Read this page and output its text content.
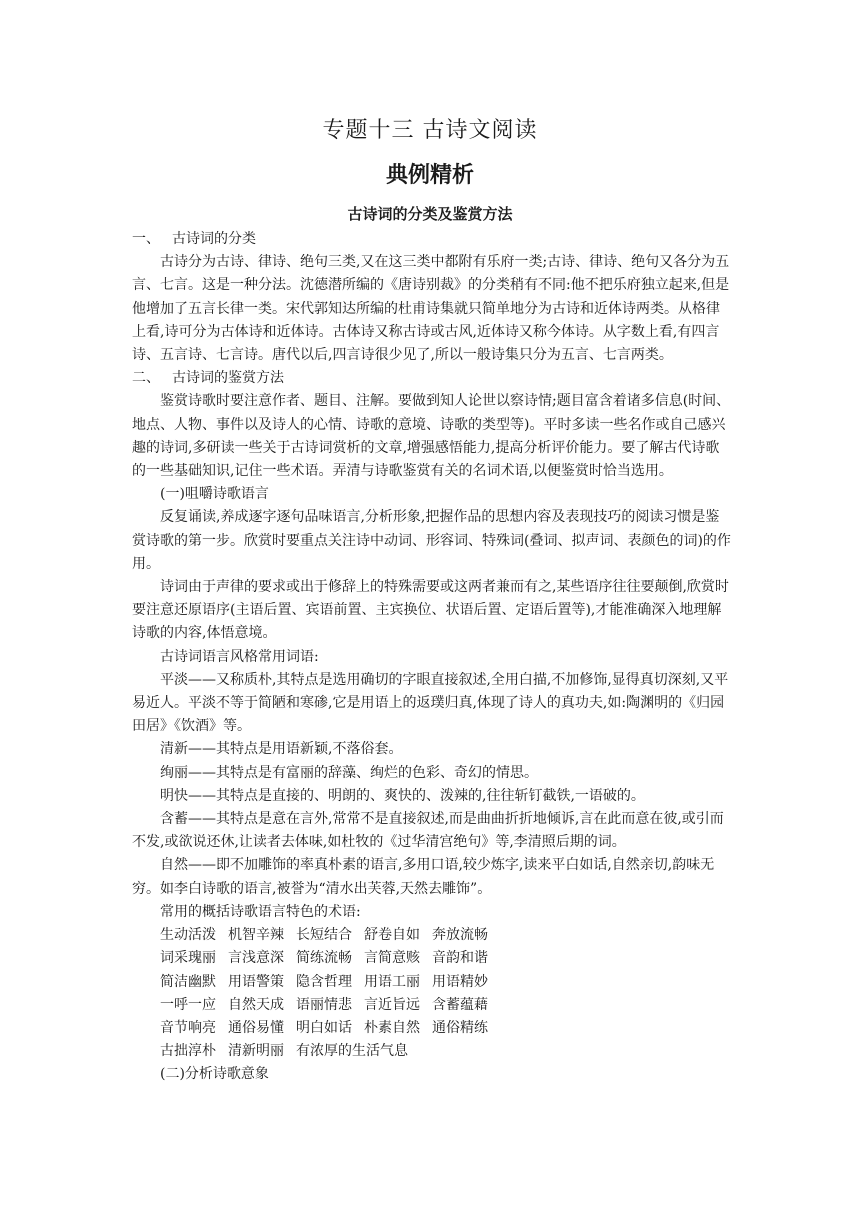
专题十三 古诗文阅读
典例精析
古诗词的分类及鉴赏方法

一、 古诗词的分类

古诗分为古诗、律诗、绝句三类,又在这三类中都附有乐府一类;古诗、律诗、绝句又各分为五言、七言。这是一种分法。沈德潜所编的《唐诗别裁》的分类稍有不同:他不把乐府独立起来,但是他增加了五言长律一类。宋代郭知达所编的杜甫诗集就只简单地分为古诗和近体诗两类。从格律上看,诗可分为古体诗和近体诗。古体诗又称古诗或古风,近体诗又称今体诗。从字数上看,有四言诗、五言诗、七言诗。唐代以后,四言诗很少见了,所以一般诗集只分为五言、七言两类。

二、 古诗词的鉴赏方法

鉴赏诗歌时要注意作者、题目、注解。要做到知人论世以察诗情;题目富含着诸多信息(时间、地点、人物、事件以及诗人的心情、诗歌的意境、诗歌的类型等)。平时多读一些名作或自己感兴趣的诗词,多研读一些关于古诗词赏析的文章,增强感悟能力,提高分析评价能力。要了解古代诗歌的一些基础知识,记住一些术语。弄清与诗歌鉴赏有关的名词术语,以便鉴赏时恰当选用。

(一)咀嚼诗歌语言

反复诵读,养成逐字逐句品味语言,分析形象,把握作品的思想内容及表现技巧的阅读习惯是鉴赏诗歌的第一步。欣赏时要重点关注诗中动词、形容词、特殊词(叠词、拟声词、表颜色的词)的作用。

诗词由于声律的要求或出于修辞上的特殊需要或这两者兼而有之,某些语序往往要颠倒,欣赏时要注意还原语序(主语后置、宾语前置、主宾换位、状语后置、定语后置等),才能准确深入地理解诗歌的内容,体悟意境。

古诗词语言风格常用词语:

平淡——又称质朴,其特点是选用确切的字眼直接叙述,全用白描,不加修饰,显得真切深刻,又平易近人。平淡不等于简陋和寒碜,它是用语上的返璞归真,体现了诗人的真功夫,如:陶渊明的《归园田居》《饮酒》等。

清新——其特点是用语新颖,不落俗套。

绚丽——其特点是有富丽的辞藻、绚烂的色彩、奇幻的情思。

明快——其特点是直接的、明朗的、爽快的、泼辣的,往往斩钉截铁,一语破的。

含蓄——其特点是意在言外,常常不是直接叙述,而是曲曲折折地倾诉,言在此而意在彼,或引而不发,或欲说还休,让读者去体味,如杜牧的《过华清宫绝句》等,李清照后期的词。

自然——即不加雕饰的率真朴素的语言,多用口语,较少炼字,读来平白如话,自然亲切,韵味无穷。如李白诗歌的语言,被誉为“清水出芙蓉,天然去雕饰”。

常用的概括诗歌语言特色的术语:

生动活泼 机智辛辣 长短结合 舒卷自如 奔放流畅
词采瑰丽 言浅意深 简练流畅 言简意赅 音韵和谐
简洁幽默 用语警策 隐含哲理 用语工丽 用语精妙
一呼一应 自然天成 语丽情悲 言近旨远 含蓄蕴藉
音节响亮 通俗易懂 明白如话 朴素自然 通俗精练
古拙淳朴 清新明丽 有浓厚的生活气息

(二)分析诗歌意象
